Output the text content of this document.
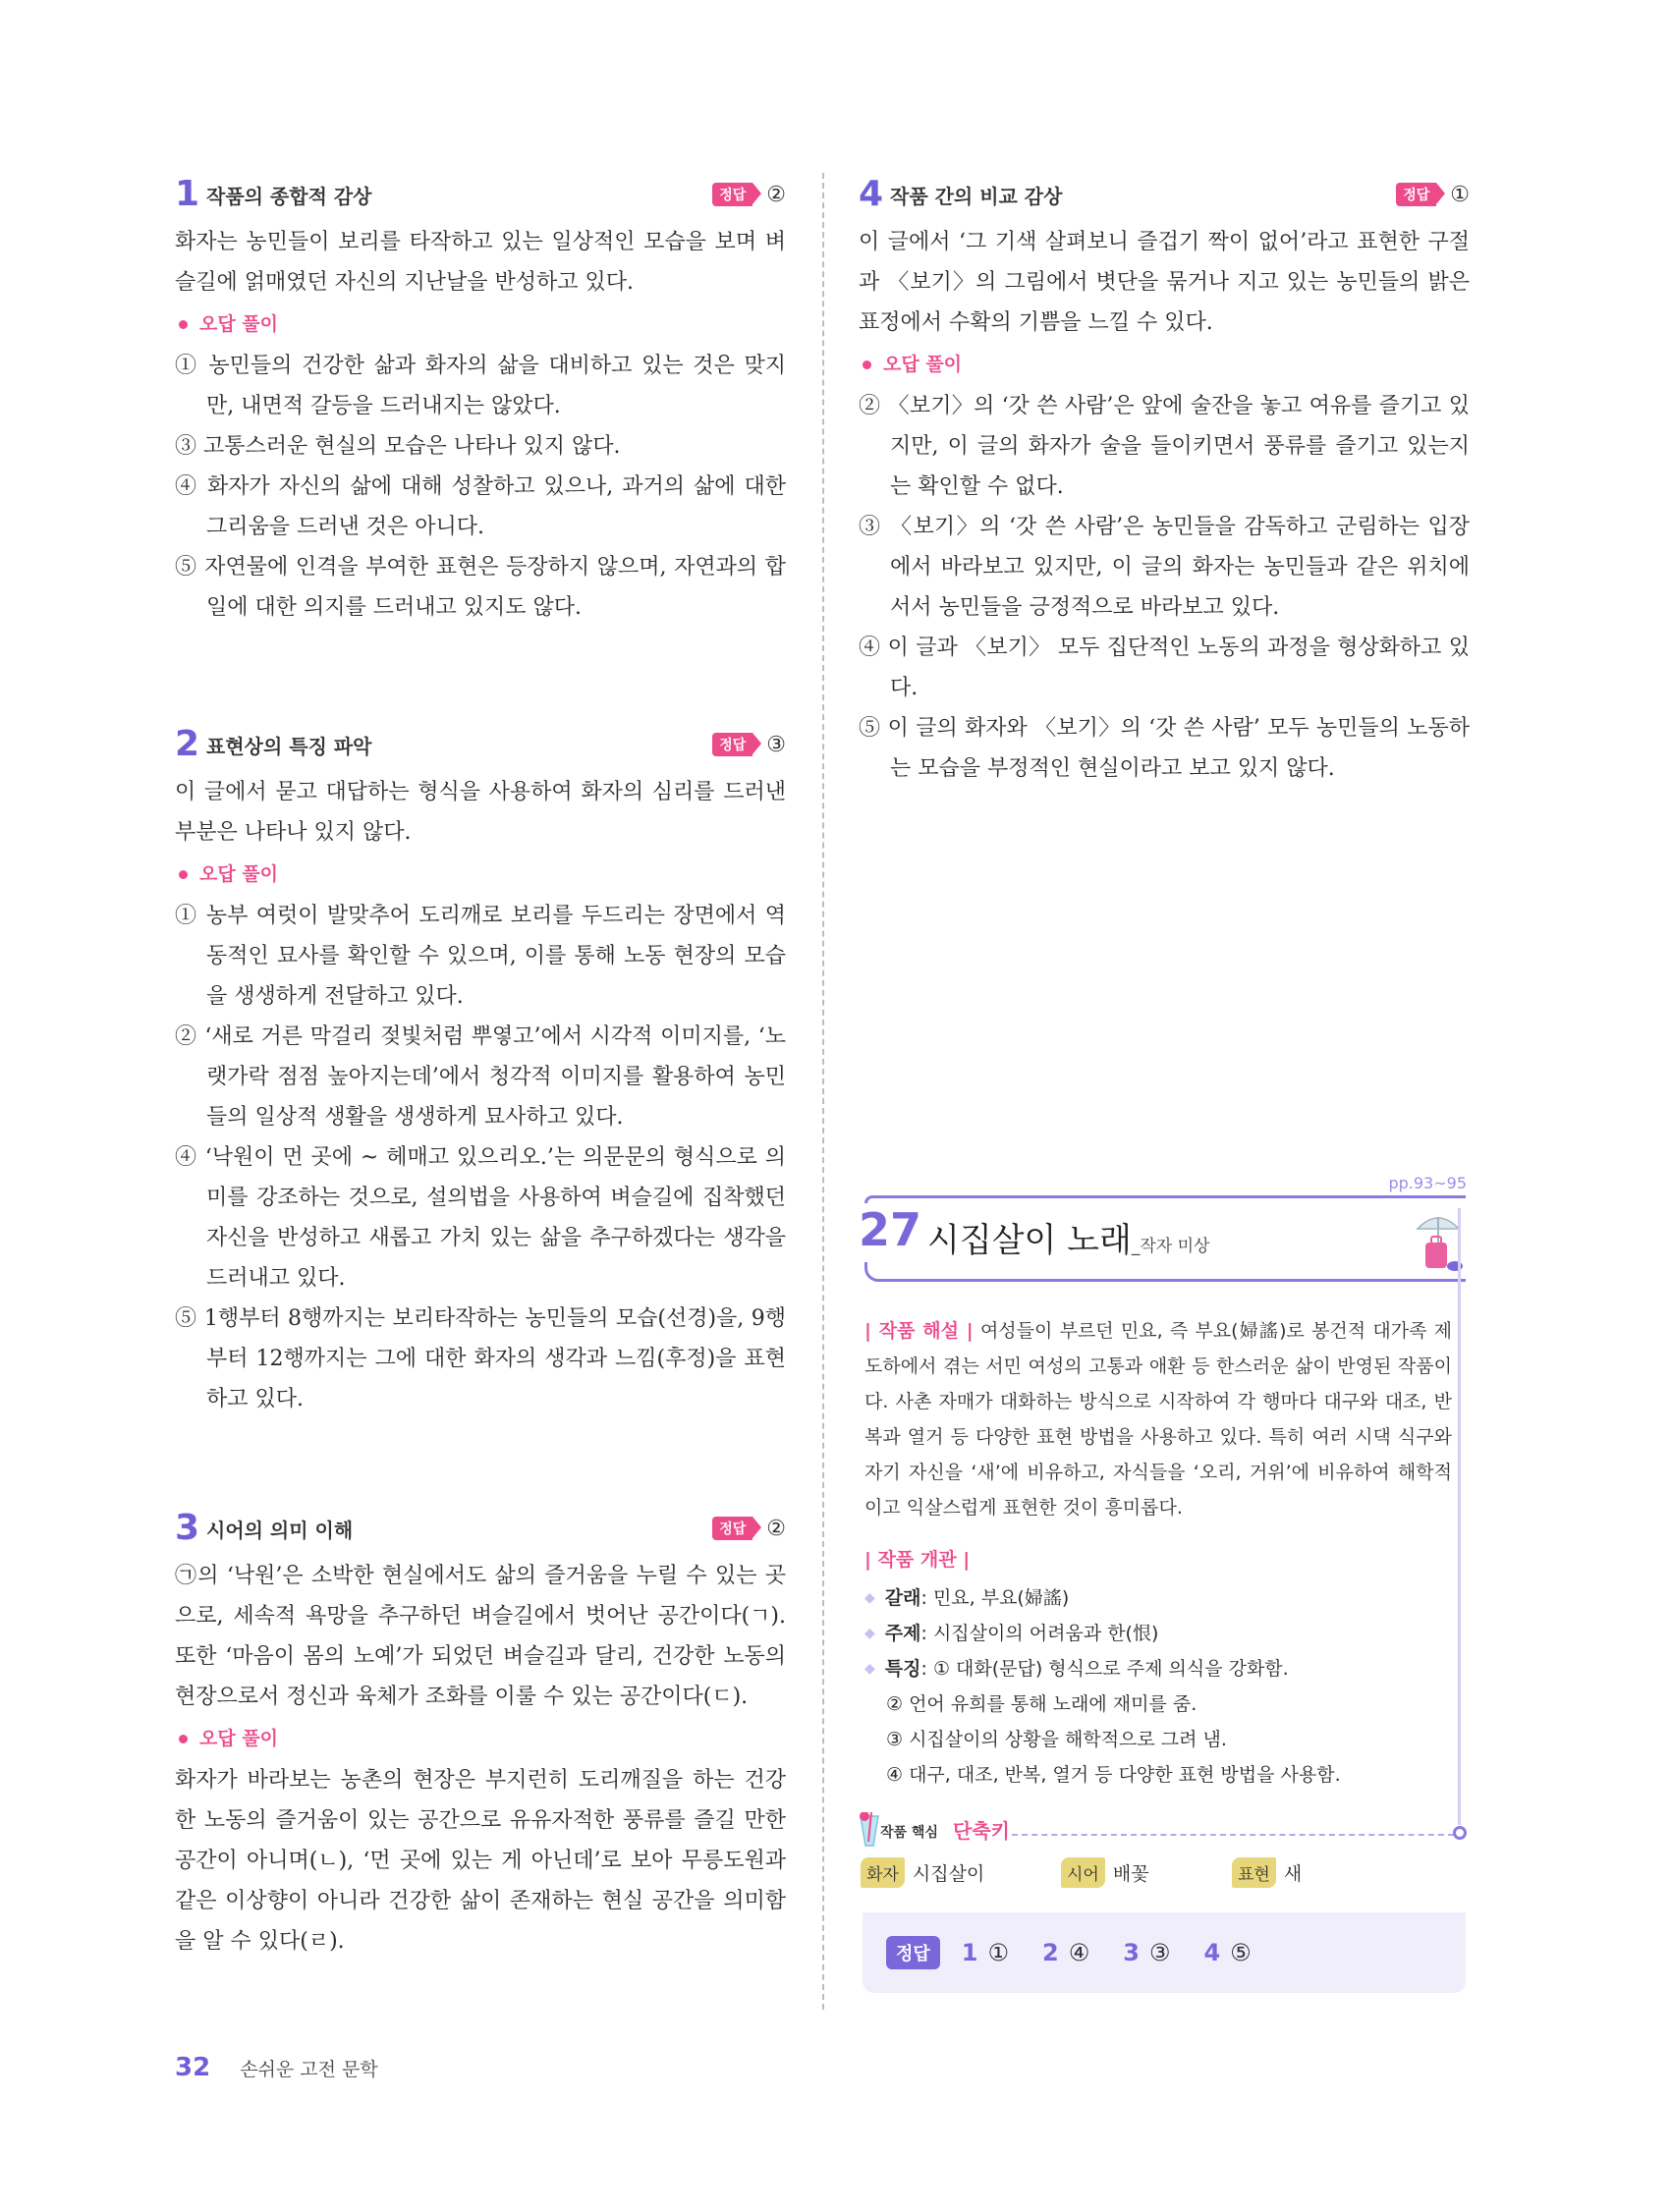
1 작품의 종합적 감상	정답 ②

화자는 농민들이 보리를 타작하고 있는 일상적인 모습을 보며 벼슬길에 얽매였던 자신의 지난날을 반성하고 있다.

오답 풀이
① 농민들의 건강한 삶과 화자의 삶을 대비하고 있는 것은 맞지만, 내면적 갈등을 드러내지는 않았다.
③ 고통스러운 현실의 모습은 나타나 있지 않다.
④ 화자가 자신의 삶에 대해 성찰하고 있으나, 과거의 삶에 대한 그리움을 드러낸 것은 아니다.
⑤ 자연물에 인격을 부여한 표현은 등장하지 않으며, 자연과의 합일에 대한 의지를 드러내고 있지도 않다.
2 표현상의 특징 파악	정답 ③

이 글에서 묻고 대답하는 형식을 사용하여 화자의 심리를 드러낸 부분은 나타나 있지 않다.

오답 풀이
① 농부 여럿이 발맞추어 도리깨로 보리를 두드리는 장면에서 역동적인 묘사를 확인할 수 있으며, 이를 통해 노동 현장의 모습을 생생하게 전달하고 있다.
② ‘새로 거른 막걸리 젖빛처럼 뿌옇고’에서 시각적 이미지를, ‘노랫가락 점점 높아지는데’에서 청각적 이미지를 활용하여 농민들의 일상적 생활을 생생하게 묘사하고 있다.
④ ‘낙원이 먼 곳에 ~ 헤매고 있으리오.’는 의문문의 형식으로 의미를 강조하는 것으로, 설의법을 사용하여 벼슬길에 집착했던 자신을 반성하고 새롭고 가치 있는 삶을 추구하겠다는 생각을 드러내고 있다.
⑤ 1행부터 8행까지는 보리타작하는 농민들의 모습(선경)을, 9행부터 12행까지는 그에 대한 화자의 생각과 느낌(후정)을 표현하고 있다.
3 시어의 의미 이해	정답 ②

㉠의 ‘낙원’은 소박한 현실에서도 삶의 즐거움을 누릴 수 있는 곳으로, 세속적 욕망을 추구하던 벼슬길에서 벗어난 공간이다(ㄱ). 또한 ‘마음이 몸의 노예’가 되었던 벼슬길과 달리, 건강한 노동의 현장으로서 정신과 육체가 조화를 이룰 수 있는 공간이다(ㄷ).

오답 풀이

화자가 바라보는 농촌의 현장은 부지런히 도리깨질을 하는 건강한 노동의 즐거움이 있는 공간으로 유유자적한 풍류를 즐길 만한 공간이 아니며(ㄴ), ‘먼 곳에 있는 게 아닌데’로 보아 무릉도원과 같은 이상향이 아니라 건강한 삶이 존재하는 현실 공간을 의미함을 알 수 있다(ㄹ).

4 작품 간의 비교 감상	정답 ①

이 글에서 ‘그 기색 살펴보니 즐겁기 짝이 없어’라고 표현한 구절과 〈보기〉의 그림에서 볏단을 묶거나 지고 있는 농민들의 밝은 표정에서 수확의 기쁨을 느낄 수 있다.

오답 풀이
② 〈보기〉의 ‘갓 쓴 사람’은 앞에 술잔을 놓고 여유를 즐기고 있지만, 이 글의 화자가 술을 들이키면서 풍류를 즐기고 있는지는 확인할 수 없다.
③ 〈보기〉의 ‘갓 쓴 사람’은 농민들을 감독하고 군림하는 입장에서 바라보고 있지만, 이 글의 화자는 농민들과 같은 위치에 서서 농민들을 긍정적으로 바라보고 있다.
④ 이 글과 〈보기〉 모두 집단적인 노동의 과정을 형상화하고 있다.
⑤ 이 글의 화자와 〈보기〉의 ‘갓 쓴 사람’ 모두 농민들의 노동하는 모습을 부정적인 현실이라고 보고 있지 않다.
pp.93~95
27 시집살이 노래_작자 미상
| 작품 해설 | 여성들이 부르던 민요, 즉 부요(婦謠)로 봉건적 대가족 제도하에서 겪는 서민 여성의 고통과 애환 등 한스러운 삶이 반영된 작품이다. 사촌 자매가 대화하는 방식으로 시작하여 각 행마다 대구와 대조, 반복과 열거 등 다양한 표현 방법을 사용하고 있다. 특히 여러 시댁 식구와 자기 자신을 ‘새’에 비유하고, 자식들을 ‘오리, 거위’에 비유하여 해학적이고 익살스럽게 표현한 것이 흥미롭다.
| 작품 개관 |
◆ 갈래 : 민요, 부요(婦謠)
◆ 주제 : 시집살이의 어려움과 한(恨)
◆ 특징 : ① 대화(문답) 형식으로 주제 의식을 강화함.
② 언어 유희를 통해 노래에 재미를 줌.
③ 시집살이의 상황을 해학적으로 그려 냄.
④ 대구, 대조, 반복, 열거 등 다양한 표현 방법을 사용함.
작품 핵심 단축키
화자 시집살이	시어 배꽃	표현 새
정답	1 ① 2 ④ 3 ③ 4 ⑤
32 손쉬운 고전 문학
